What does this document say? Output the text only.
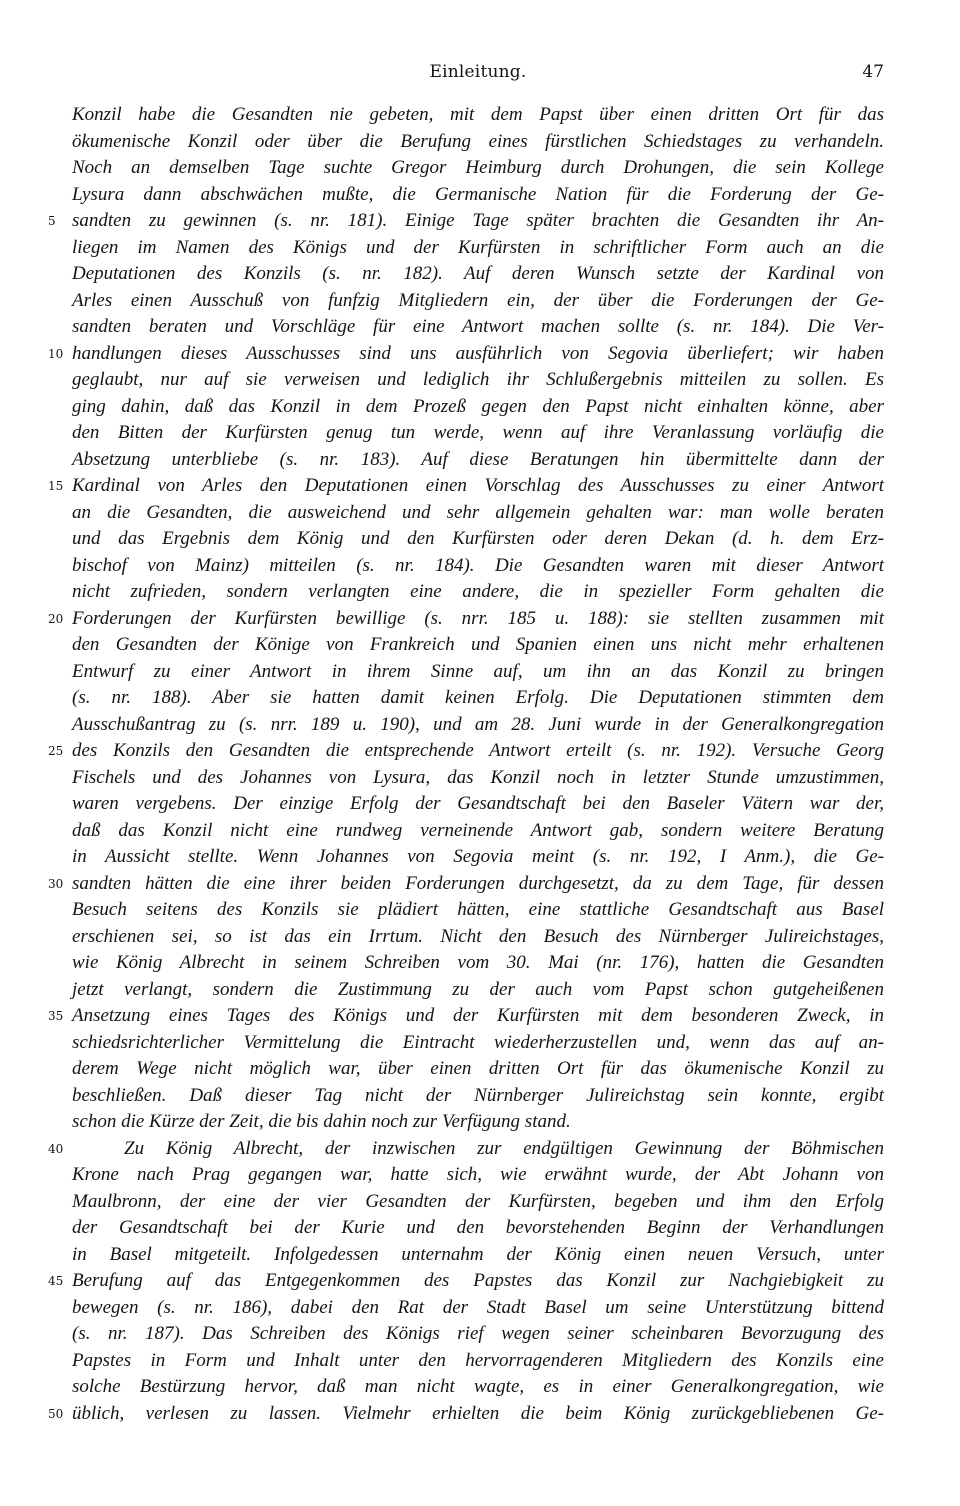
Einleitung.	47
Konzil habe die Gesandten nie gebeten, mit dem Papst über einen dritten Ort für das
ökumenische Konzil oder über die Berufung eines fürstlichen Schiedstages zu verhandeln.
Noch an demselben Tage suchte Gregor Heimburg durch Drohungen, die sein Kollege
Lysura dann abschwächen mußte, die Germanische Nation für die Forderung der Ge-
5 sandten zu gewinnen (s. nr. 181). Einige Tage später brachten die Gesandten ihr An-
liegen im Namen des Königs und der Kurfürsten in schriftlicher Form auch an die
Deputationen des Konzils (s. nr. 182). Auf deren Wunsch setzte der Kardinal von
Arles einen Ausschuß von funfzig Mitgliedern ein, der über die Forderungen der Ge-
sandten beraten und Vorschläge für eine Antwort machen sollte (s. nr. 184). Die Ver-
10 handlungen dieses Ausschusses sind uns ausführlich von Segovia überliefert; wir haben
geglaubt, nur auf sie verweisen und lediglich ihr Schlußergebnis mitteilen zu sollen. Es
ging dahin, daß das Konzil in dem Prozeß gegen den Papst nicht einhalten könne, aber
den Bitten der Kurfürsten genug tun werde, wenn auf ihre Veranlassung vorläufig die
Absetzung unterbliebe (s. nr. 183). Auf diese Beratungen hin übermittelte dann der
15 Kardinal von Arles den Deputationen einen Vorschlag des Ausschusses zu einer Antwort
an die Gesandten, die ausweichend und sehr allgemein gehalten war: man wolle beraten
und das Ergebnis dem König und den Kurfürsten oder deren Dekan (d. h. dem Erz-
bischof von Mainz) mitteilen (s. nr. 184). Die Gesandten waren mit dieser Antwort
nicht zufrieden, sondern verlangten eine andere, die in spezieller Form gehalten die
20 Forderungen der Kurfürsten bewillige (s. nrr. 185 u. 188): sie stellten zusammen mit
den Gesandten der Könige von Frankreich und Spanien einen uns nicht mehr erhaltenen
Entwurf zu einer Antwort in ihrem Sinne auf, um ihn an das Konzil zu bringen
(s. nr. 188). Aber sie hatten damit keinen Erfolg. Die Deputationen stimmten dem
Ausschußantrag zu (s. nrr. 189 u. 190), und am 28. Juni wurde in der Generalkongregation
25 des Konzils den Gesandten die entsprechende Antwort erteilt (s. nr. 192). Versuche Georg
Fischels und des Johannes von Lysura, das Konzil noch in letzter Stunde umzustimmen,
waren vergebens. Der einzige Erfolg der Gesandtschaft bei den Baseler Vätern war der,
daß das Konzil nicht eine rundweg verneinende Antwort gab, sondern weitere Beratung
in Aussicht stellte. Wenn Johannes von Segovia meint (s. nr. 192, I Anm.), die Ge-
30 sandten hätten die eine ihrer beiden Forderungen durchgesetzt, da zu dem Tage, für dessen
Besuch seitens des Konzils sie plädiert hätten, eine stattliche Gesandtschaft aus Basel
erschienen sei, so ist das ein Irrtum. Nicht den Besuch des Nürnberger Julireichstages,
wie König Albrecht in seinem Schreiben vom 30. Mai (nr. 176), hatten die Gesandten
jetzt verlangt, sondern die Zustimmung zu der auch vom Papst schon gutgeheißenen
35 Ansetzung eines Tages des Königs und der Kurfürsten mit dem besonderen Zweck, in
schiedsrichterlicher Vermittelung die Eintracht wiederherzustellen und, wenn das auf an-
derem Wege nicht möglich war, über einen dritten Ort für das ökumenische Konzil zu
beschließen. Daß dieser Tag nicht der Nürnberger Julireichstag sein konnte, ergibt
schon die Kürze der Zeit, die bis dahin noch zur Verfügung stand.
40	Zu König Albrecht, der inzwischen zur endgültigen Gewinnung der Böhmischen
Krone nach Prag gegangen war, hatte sich, wie erwähnt wurde, der Abt Johann von
Maulbronn, der eine der vier Gesandten der Kurfürsten, begeben und ihm den Erfolg
der Gesandtschaft bei der Kurie und den bevorstehenden Beginn der Verhandlungen
in Basel mitgeteilt. Infolgedessen unternahm der König einen neuen Versuch, unter
45 Berufung auf das Entgegenkommen des Papstes das Konzil zur Nachgiebigkeit zu
bewegen (s. nr. 186), dabei den Rat der Stadt Basel um seine Unterstützung bittend
(s. nr. 187). Das Schreiben des Königs rief wegen seiner scheinbaren Bevorzugung des
Papstes in Form und Inhalt unter den hervorragenderen Mitgliedern des Konzils eine
solche Bestürzung hervor, daß man nicht wagte, es in einer Generalkongregation, wie
50 üblich, verlesen zu lassen. Vielmehr erhielten die beim König zurückgebliebenen Ge-
